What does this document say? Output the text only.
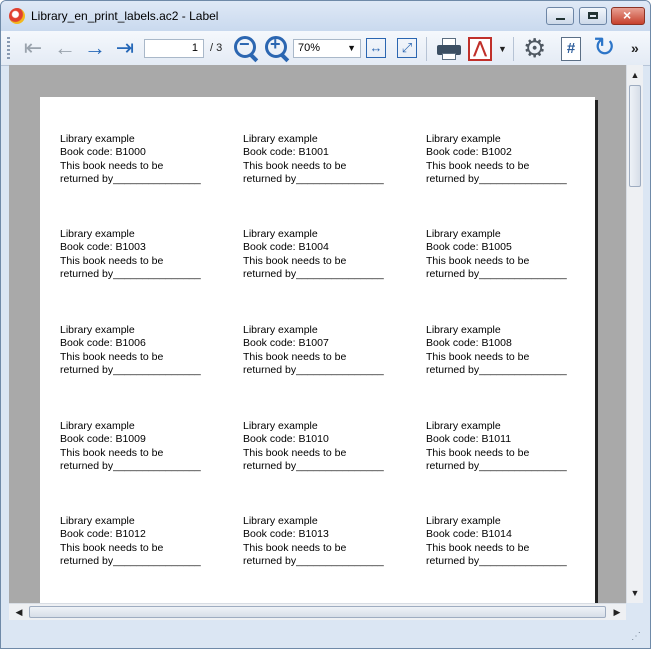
Library_en_print_labels.ac2 - Label	×
⇤ ← → ⇥	1	/ 3 − +	70%	▼ ↔	⤢	⋀	▼ ⚙	# ↻ »
Library example
Book code: B1000
This book needs to be
returned by_______________
Library example
Book code: B1001
This book needs to be
returned by_______________
Library example
Book code: B1002
This book needs to be
returned by_______________
Library example
Book code: B1003
This book needs to be
returned by_______________
Library example
Book code: B1004
This book needs to be
returned by_______________
Library example
Book code: B1005
This book needs to be
returned by_______________
Library example
Book code: B1006
This book needs to be
returned by_______________
Library example
Book code: B1007
This book needs to be
returned by_______________
Library example
Book code: B1008
This book needs to be
returned by_______________
Library example
Book code: B1009
This book needs to be
returned by_______________
Library example
Book code: B1010
This book needs to be
returned by_______________
Library example
Book code: B1011
This book needs to be
returned by_______________
Library example
Book code: B1012
This book needs to be
returned by_______________
Library example
Book code: B1013
This book needs to be
returned by_______________
Library example
Book code: B1014
This book needs to be
returned by_______________
▲
▼
◀	▶
⋰
